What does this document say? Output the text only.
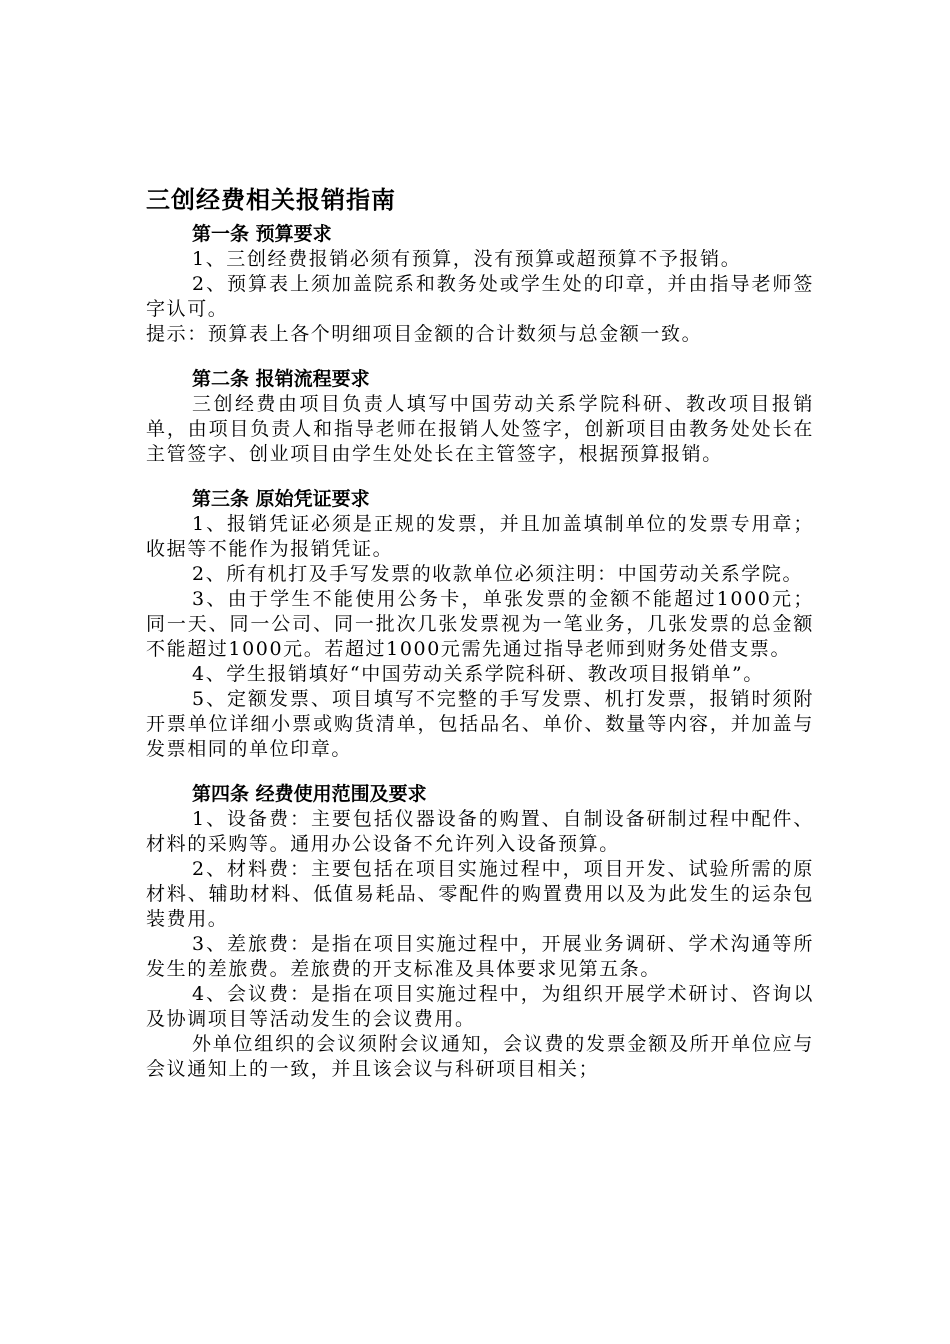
三创经费相关报销指南
第一条 预算要求

1、三创经费报销必须有预算，没有预算或超预算不予报销。

2、预算表上须加盖院系和教务处或学生处的印章，并由指导老师签字认可。

提示：预算表上各个明细项目金额的合计数须与总金额一致。

第二条 报销流程要求

三创经费由项目负责人填写中国劳动关系学院科研、教改项目报销单，由项目负责人和指导老师在报销人处签字，创新项目由教务处处长在主管签字、创业项目由学生处处长在主管签字，根据预算报销。

第三条 原始凭证要求

1、报销凭证必须是正规的发票，并且加盖填制单位的发票专用章；收据等不能作为报销凭证。

2、所有机打及手写发票的收款单位必须注明：中国劳动关系学院。

3、由于学生不能使用公务卡，单张发票的金额不能超过1000元；同一天、同一公司、同一批次几张发票视为一笔业务，几张发票的总金额不能超过1000元。若超过1000元需先通过指导老师到财务处借支票。

4、学生报销填好“中国劳动关系学院科研、教改项目报销单”。

5、定额发票、项目填写不完整的手写发票、机打发票，报销时须附开票单位详细小票或购货清单，包括品名、单价、数量等内容，并加盖与发票相同的单位印章。

第四条 经费使用范围及要求

1、设备费：主要包括仪器设备的购置、自制设备研制过程中配件、材料的采购等。通用办公设备不允许列入设备预算。

2、材料费：主要包括在项目实施过程中，项目开发、试验所需的原材料、辅助材料、低值易耗品、零配件的购置费用以及为此发生的运杂包装费用。

3、差旅费：是指在项目实施过程中，开展业务调研、学术沟通等所发生的差旅费。差旅费的开支标准及具体要求见第五条。

4、会议费：是指在项目实施过程中，为组织开展学术研讨、咨询以及协调项目等活动发生的会议费用。

外单位组织的会议须附会议通知，会议费的发票金额及所开单位应与会议通知上的一致，并且该会议与科研项目相关；
